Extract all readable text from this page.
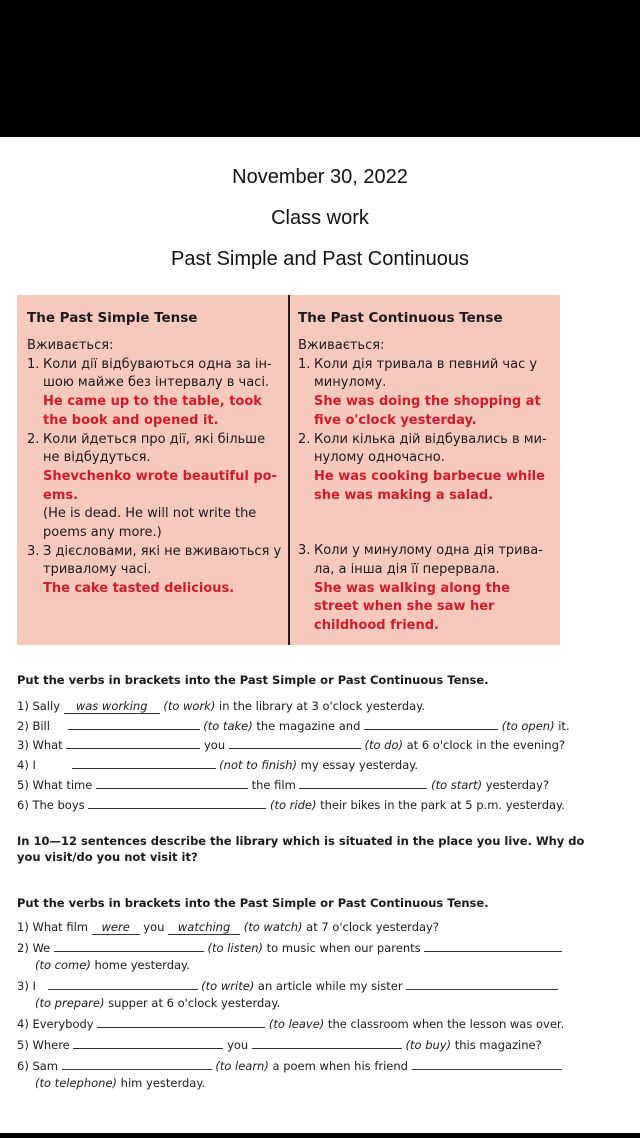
November 30, 2022
Class work
Past Simple and Past Continuous
The Past Simple Tense
Вживається:
1. Коли дії відбуваються одна за ін-шою майже без інтервалу в часі.
He came up to the table, took the book and opened it.
2. Коли йдеться про дії, які більше не відбудуться.
Shevchenko wrote beautiful po-ems.
(He is dead. He will not write the poems any more.)
3. З дієсловами, які не вживаються у тривалому часі.
The cake tasted delicious.
The Past Continuous Tense
Вживається:
1. Коли дія тривала в певний час у минулому.
She was doing the shopping at five o'clock yesterday.
2. Коли кілька дій відбувались в ми-нулому одночасно.
He was cooking barbecue while she was making a salad.
3. Коли у минулому одна дія трива-ла, а інша дія її перервала.
She was walking along the street when she saw her childhood friend.
Put the verbs in brackets into the Past Simple or Past Continuous Tense.
1) Sally was working (to work) in the library at 3 o'clock yesterday.
2) Bill	(to take) the magazine and	(to open) it.
3) What	you	(to do) at 6 o'clock in the evening?
4) I	(not to finish) my essay yesterday.
5) What time	the film	(to start) yesterday?
6) The boys	(to ride) their bikes in the park at 5 p.m. yesterday.
In 10—12 sentences describe the library which is situated in the place you live. Why do you visit/do you not visit it?
Put the verbs in brackets into the Past Simple or Past Continuous Tense.
1) What film were you watching (to watch) at 7 o'clock yesterday?
2) We	(to listen) to music when our parents
(to come) home yesterday.
3) I	(to write) an article while my sister
(to prepare) supper at 6 o'clock yesterday.
4) Everybody	(to leave) the classroom when the lesson was over.
5) Where	you	(to buy) this magazine?
6) Sam	(to learn) a poem when his friend
(to telephone) him yesterday.
